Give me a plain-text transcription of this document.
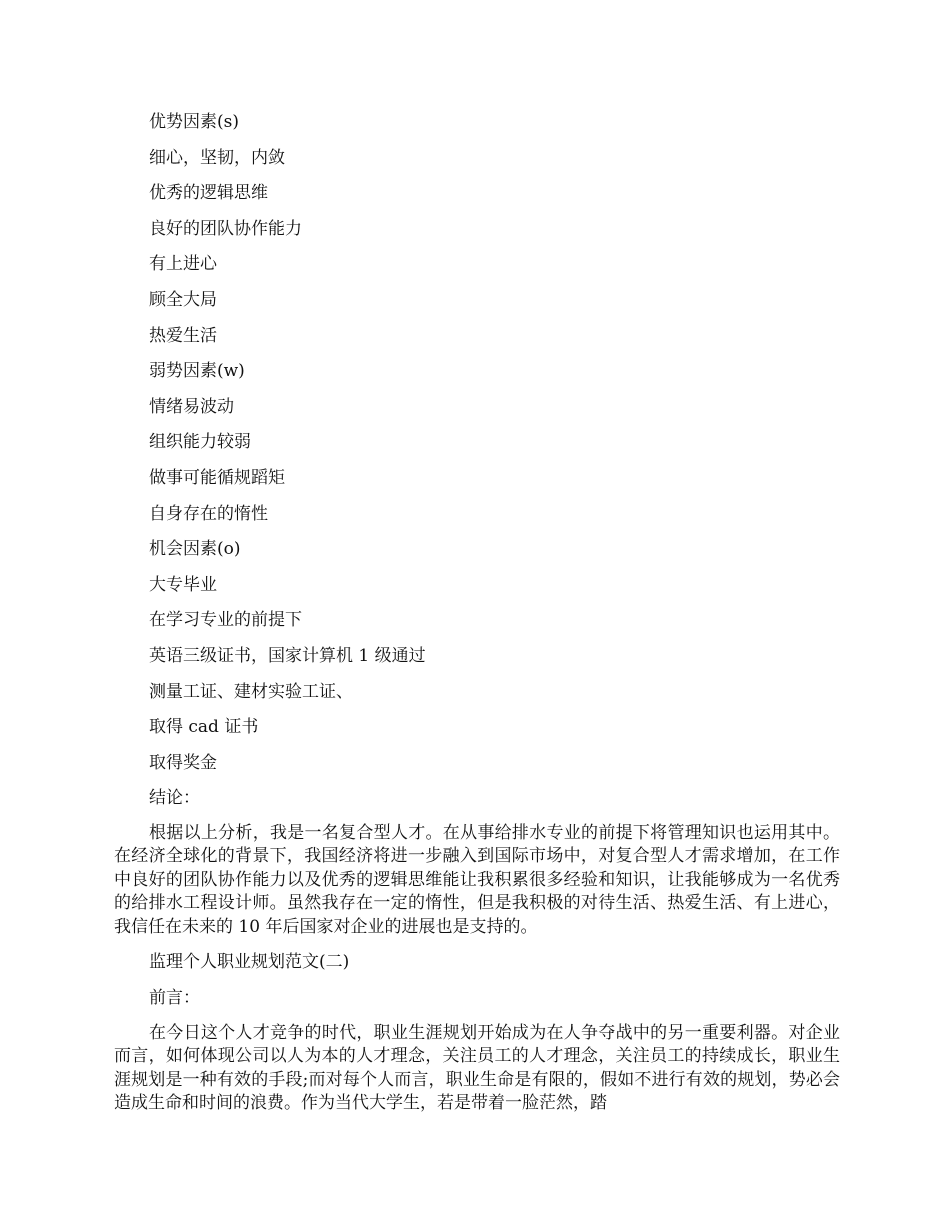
优势因素(s)
细心，坚韧，内敛
优秀的逻辑思维
良好的团队协作能力
有上进心
顾全大局
热爱生活
弱势因素(w)
情绪易波动
组织能力较弱
做事可能循规蹈矩
自身存在的惰性
机会因素(o)
大专毕业
在学习专业的前提下
英语三级证书，国家计算机 1 级通过
测量工证、建材实验工证、
取得 cad 证书
取得奖金
结论：

根据以上分析，我是一名复合型人才。在从事给排水专业的前提下将管理知识也运用其中。在经济全球化的背景下，我国经济将进一步融入到国际市场中，对复合型人才需求增加，在工作中良好的团队协作能力以及优秀的逻辑思维能让我积累很多经验和知识，让我能够成为一名优秀的给排水工程设计师。虽然我存在一定的惰性，但是我积极的对待生活、热爱生活、有上进心，我信任在未来的 10 年后国家对企业的进展也是支持的。

监理个人职业规划范文(二)
前言：

在今日这个人才竞争的时代，职业生涯规划开始成为在人争夺战中的另一重要利器。对企业而言，如何体现公司以人为本的人才理念，关注员工的人才理念，关注员工的持续成长，职业生涯规划是一种有效的手段;而对每个人而言，职业生命是有限的，假如不进行有效的规划，势必会造成生命和时间的浪费。作为当代大学生，若是带着一脸茫然，踏
